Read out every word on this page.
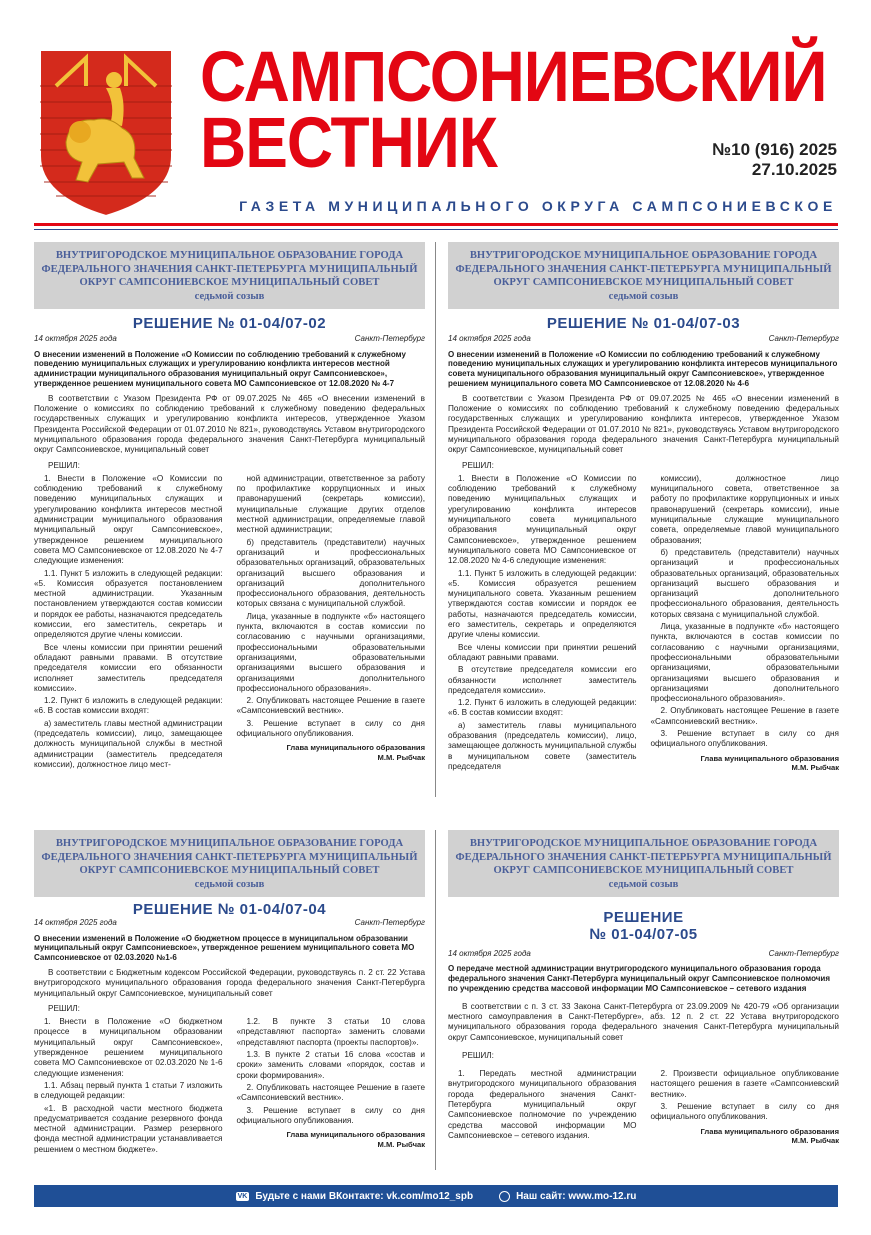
САМПСОНИЕВСКИЙ
ВЕСТНИК	№10 (916) 2025
27.10.2025
ГАЗЕТА МУНИЦИПАЛЬНОГО ОКРУГА САМПСОНИЕВСКОЕ
ВНУТРИГОРОДСКОЕ МУНИЦИПАЛЬНОЕ ОБРАЗОВАНИЕ ГОРОДА ФЕДЕРАЛЬНОГО ЗНАЧЕНИЯ САНКТ-ПЕТЕРБУРГА МУНИЦИПАЛЬНЫЙ ОКРУГ САМПСОНИЕВСКОЕ МУНИЦИПАЛЬНЫЙ СОВЕТ
седьмой созыв
РЕШЕНИЕ № 01-04/07-02
14 октября 2025 года	Санкт-Петербург
О внесении изменений в Положение «О Комиссии по соблюдению требований к служебному поведению муниципальных служащих и урегулированию конфликта интересов местной администрации муниципального образования муниципальный округ Сампсониевское», утвержденное решением муниципального совета МО Сампсониевское от 12.08.2020 № 4-7
В соответствии с Указом Президента РФ от 09.07.2025 № 465 «О внесении изменений в Положение о комиссиях по соблюдению требований к служебному поведению федеральных государственных служащих и урегулированию конфликта интересов, утвержденное Указом Президента Российской Федерации от 01.07.2010 № 821», руководствуясь Уставом внутригородского муниципального образования города федерального значения Санкт-Петербурга муниципальный округ Сампсониевское, муниципальный совет
РЕШИЛ:

1. Внести в Положение «О Комиссии по соблюдению требований к служебному поведению муниципальных служащих и урегулированию конфликта интересов местной администрации муниципального образования муниципальный округ Сампсониевское», утвержденное решением муниципального совета МО Сампсониевское от 12.08.2020 № 4-7 следующие изменения:

1.1. Пункт 5 изложить в следующей редакции: «5. Комиссия образуется постановлением местной администрации. Указанным постановлением утверждаются состав комиссии и порядок ее работы, назначаются председатель комиссии, его заместитель, секретарь и определяются другие члены комиссии.

Все члены комиссии при принятии решений обладают равными правами. В отсутствие председателя комиссии его обязанности исполняет заместитель председателя комиссии».

1.2. Пункт 6 изложить в следующей редакции: «6. В состав комиссии входят:

а) заместитель главы местной администрации (председатель комиссии), лицо, замещающее должность муниципальной службы в местной администрации (заместитель председателя комиссии), должностное лицо мест-

ной администрации, ответственное за работу по профилактике коррупционных и иных правонарушений (секретарь комиссии), муниципальные служащие других отделов местной администрации, определяемые главой местной администрации;

б) представитель (представители) научных организаций и профессиональных образовательных организаций, образовательных организаций высшего образования и организаций дополнительного профессионального образования, деятельность которых связана с муниципальной службой.

Лица, указанные в подпункте «б» настоящего пункта, включаются в состав комиссии по согласованию с научными организациями, профессиональными образовательными организациями, образовательными организациями высшего образования и организациями дополнительного профессионального образования».

2. Опубликовать настоящее Решение в газете «Сампсониевский вестник».

3. Решение вступает в силу со дня официального опубликования.

Глава муниципального образования
М.М. Рыбчак
ВНУТРИГОРОДСКОЕ МУНИЦИПАЛЬНОЕ ОБРАЗОВАНИЕ ГОРОДА ФЕДЕРАЛЬНОГО ЗНАЧЕНИЯ САНКТ-ПЕТЕРБУРГА МУНИЦИПАЛЬНЫЙ ОКРУГ САМПСОНИЕВСКОЕ МУНИЦИПАЛЬНЫЙ СОВЕТ
седьмой созыв
РЕШЕНИЕ № 01-04/07-03
14 октября 2025 года	Санкт-Петербург
О внесении изменений в Положение «О Комиссии по соблюдению требований к служебному поведению муниципальных служащих и урегулированию конфликта интересов муниципального совета муниципального образования муниципальный округ Сампсониевское», утвержденное решением муниципального совета МО Сампсониевское от 12.08.2020 № 4-6
В соответствии с Указом Президента РФ от 09.07.2025 № 465 «О внесении изменений в Положение о комиссиях по соблюдению требований к служебному поведению федеральных государственных служащих и урегулированию конфликта интересов, утвержденное Указом Президента Российской Федерации от 01.07.2010 № 821», руководствуясь Уставом внутригородского муниципального образования города федерального значения Санкт-Петербурга муниципальный округ Сампсониевское, муниципальный совет
РЕШИЛ:

1. Внести в Положение «О Комиссии по соблюдению требований к служебному поведению муниципальных служащих и урегулированию конфликта интересов муниципального совета муниципального образования муниципальный округ Сампсониевское», утвержденное решением муниципального совета МО Сампсониевское от 12.08.2020 № 4-6 следующие изменения:

1.1. Пункт 5 изложить в следующей редакции: «5. Комиссия образуется решением муниципального совета. Указанным решением утверждаются состав комиссии и порядок ее работы, назначаются председатель комиссии, его заместитель, секретарь и определяются другие члены комиссии.

Все члены комиссии при принятии решений обладают равными правами.

В отсутствие председателя комиссии его обязанности исполняет заместитель председателя комиссии».

1.2. Пункт 6 изложить в следующей редакции: «6. В состав комиссии входят:

а) заместитель главы муниципального образования (председатель комиссии), лицо, замещающее должность муниципальной службы в муниципальном совете (заместитель председателя

комиссии), должностное лицо муниципального совета, ответственное за работу по профилактике коррупционных и иных правонарушений (секретарь комиссии), иные муниципальные служащие муниципального совета, определяемые главой муниципального образования;

б) представитель (представители) научных организаций и профессиональных образовательных организаций, образовательных организаций высшего образования и организаций дополнительного профессионального образования, деятельность которых связана с муниципальной службой.

Лица, указанные в подпункте «б» настоящего пункта, включаются в состав комиссии по согласованию с научными организациями, профессиональными образовательными организациями, образовательными организациями высшего образования и организациями дополнительного профессионального образования».

2. Опубликовать настоящее Решение в газете «Сампсониевский вестник».

3. Решение вступает в силу со дня официального опубликования.

Глава муниципального образования
М.М. Рыбчак
ВНУТРИГОРОДСКОЕ МУНИЦИПАЛЬНОЕ ОБРАЗОВАНИЕ ГОРОДА ФЕДЕРАЛЬНОГО ЗНАЧЕНИЯ САНКТ-ПЕТЕРБУРГА МУНИЦИПАЛЬНЫЙ ОКРУГ САМПСОНИЕВСКОЕ МУНИЦИПАЛЬНЫЙ СОВЕТ
седьмой созыв
РЕШЕНИЕ № 01-04/07-04
14 октября 2025 года	Санкт-Петербург
О внесении изменений в Положение «О бюджетном процессе в муниципальном образовании муниципальный округ Сампсониевское», утвержденное решением муниципального совета МО Сампсониевское от 02.03.2020 №1-6
В соответствии с Бюджетным кодексом Российской Федерации, руководствуясь п. 2 ст. 22 Устава внутригородского муниципального образования города федерального значения Санкт-Петербурга муниципальный округ Сампсониевское, муниципальный совет
РЕШИЛ:

1. Внести в Положение «О бюджетном процессе в муниципальном образовании муниципальный округ Сампсониевское», утвержденное решением муниципального совета МО Сампсониевское от 02.03.2020 № 1-6 следующие изменения:

1.1. Абзац первый пункта 1 статьи 7 изложить в следующей редакции:

«1. В расходной части местного бюджета предусматривается создание резервного фонда местной администрации. Размер резервного фонда местной администрации устанавливается решением о местном бюджете».

1.2. В пункте 3 статьи 10 слова «представляют паспорта» заменить словами «представляют паспорта (проекты паспортов)».

1.3. В пункте 2 статьи 16 слова «состав и сроки» заменить словами «порядок, состав и сроки формирования».

2. Опубликовать настоящее Решение в газете «Сампсониевский вестник».

3. Решение вступает в силу со дня официального опубликования.

Глава муниципального образования
М.М. Рыбчак
ВНУТРИГОРОДСКОЕ МУНИЦИПАЛЬНОЕ ОБРАЗОВАНИЕ ГОРОДА ФЕДЕРАЛЬНОГО ЗНАЧЕНИЯ САНКТ-ПЕТЕРБУРГА МУНИЦИПАЛЬНЫЙ ОКРУГ САМПСОНИЕВСКОЕ МУНИЦИПАЛЬНЫЙ СОВЕТ
седьмой созыв
РЕШЕНИЕ
№ 01-04/07-05
14 октября 2025 года	Санкт-Петербург
О передаче местной администрации внутригородского муниципального образования города федерального значения Санкт-Петербурга муниципальный округ Сампсониевское полномочия по учреждению средства массовой информации МО Сампсониевское – сетевого издания
В соответствии с п. 3 ст. 33 Закона Санкт-Петербурга от 23.09.2009 № 420-79 «Об организации местного самоуправления в Санкт-Петербурге», абз. 12 п. 2 ст. 22 Устава внутригородского муниципального образования города федерального значения Санкт-Петербурга муниципальный округ Сампсониевское, муниципальный совет
РЕШИЛ:

1. Передать местной администрации внутригородского муниципального образования города федерального значения Санкт-Петербурга муниципальный округ Сампсониевское полномочие по учреждению средства массовой информации МО Сампсониевское – сетевого издания.

2. Произвести официальное опубликование настоящего решения в газете «Сампсониевский вестник».

3. Решение вступает в силу со дня официального опубликования.

Глава муниципального образования
М.М. Рыбчак
VK Будьте с нами ВКонтакте: vk.com/mo12_spb	Наш сайт: www.mo-12.ru
